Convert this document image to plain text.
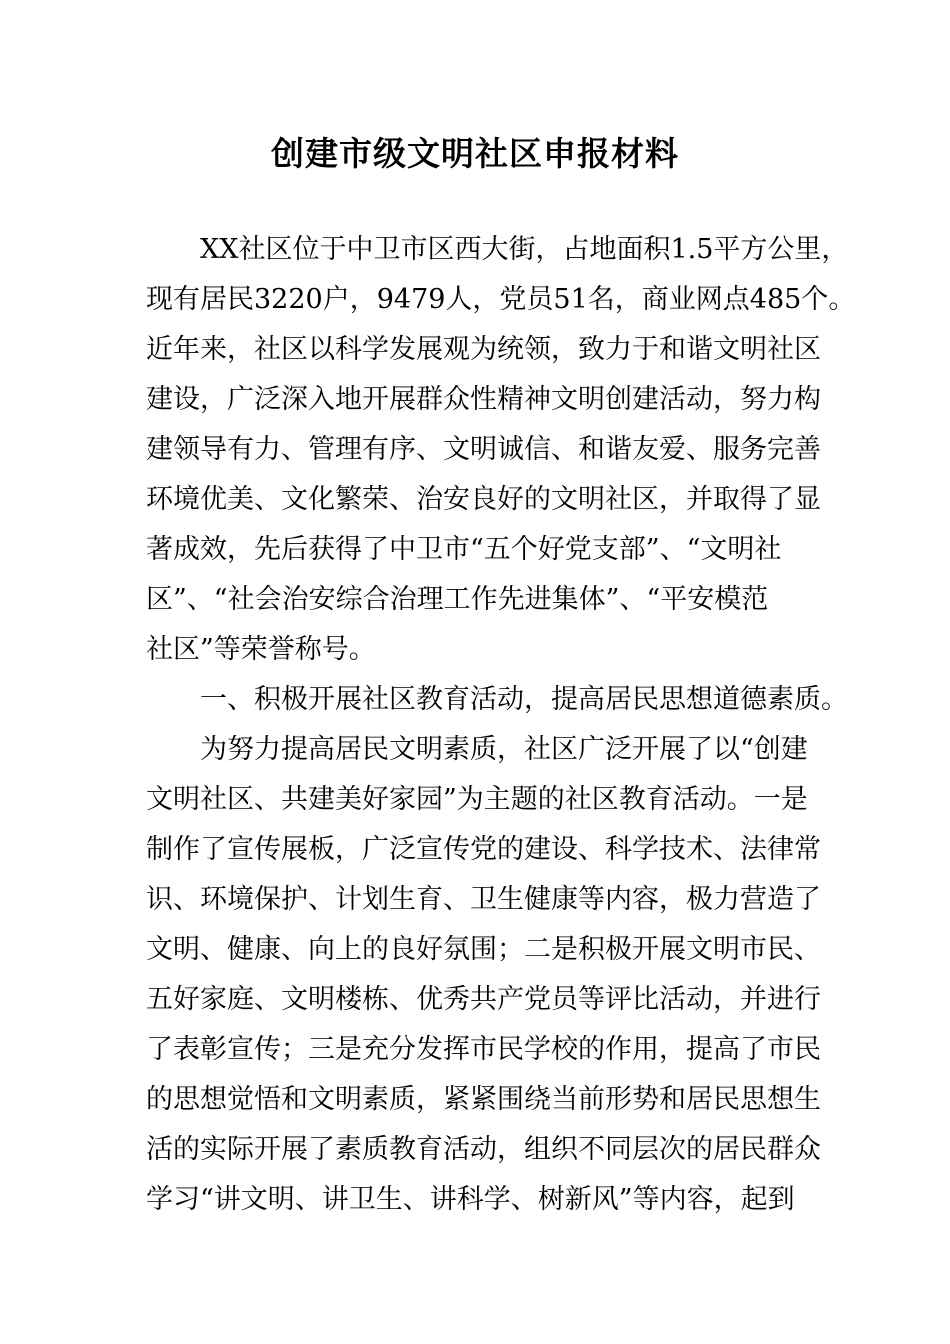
创建市级文明社区申报材料

XX社区位于中卫市区西大街，占地面积1.5平方公里，

现有居民3220户，9479人，党员51名，商业网点485个。

近年来，社区以科学发展观为统领，致力于和谐文明社区

建设，广泛深入地开展群众性精神文明创建活动，努力构

建领导有力、管理有序、文明诚信、和谐友爱、服务完善

环境优美、文化繁荣、治安良好的文明社区，并取得了显

著成效，先后获得了中卫市“五个好党支部”、“文明社

区”、“社会治安综合治理工作先进集体”、“平安模范

社区”等荣誉称号。

一、积极开展社区教育活动，提高居民思想道德素质。

为努力提高居民文明素质，社区广泛开展了以“创建

文明社区、共建美好家园”为主题的社区教育活动。一是

制作了宣传展板，广泛宣传党的建设、科学技术、法律常

识、环境保护、计划生育、卫生健康等内容，极力营造了

文明、健康、向上的良好氛围；二是积极开展文明市民、

五好家庭、文明楼栋、优秀共产党员等评比活动，并进行

了表彰宣传；三是充分发挥市民学校的作用，提高了市民

的思想觉悟和文明素质，紧紧围绕当前形势和居民思想生

活的实际开展了素质教育活动，组织不同层次的居民群众

学习“讲文明、讲卫生、讲科学、树新风”等内容，起到
